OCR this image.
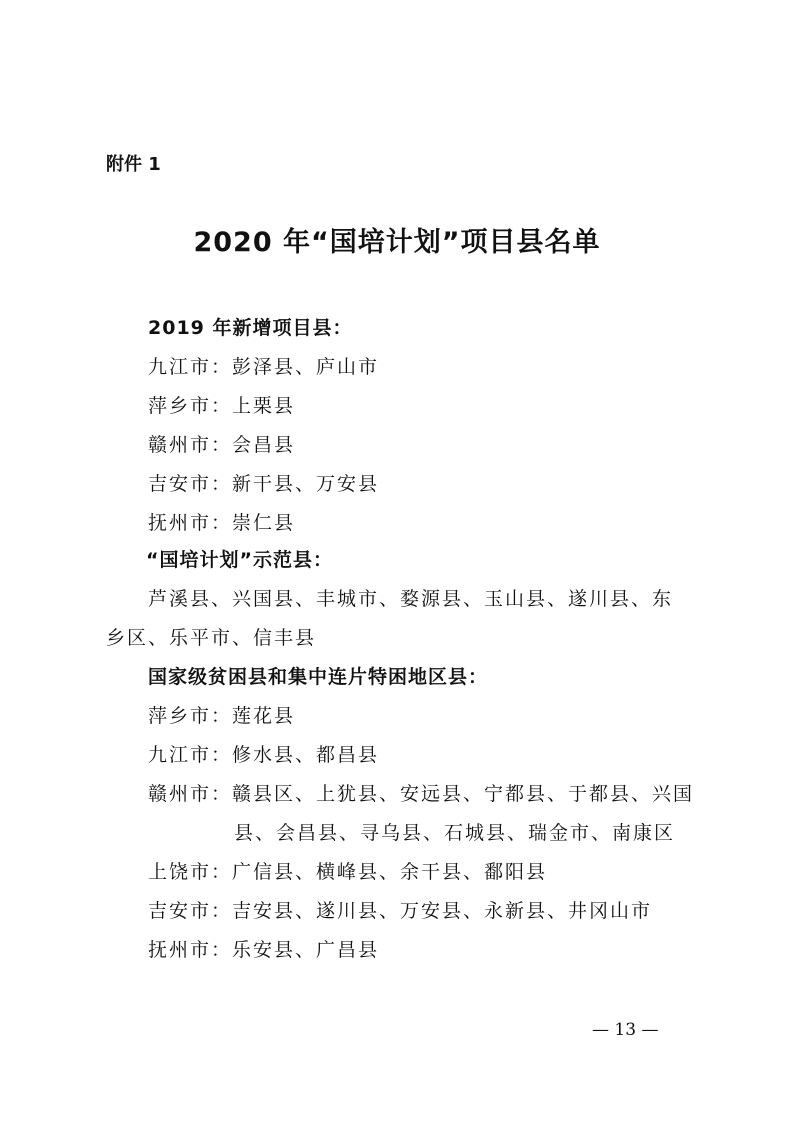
附件 1
2020 年“国培计划”项目县名单
2019 年新增项目县：
九江市：彭泽县、庐山市
萍乡市：上栗县
赣州市：会昌县
吉安市：新干县、万安县
抚州市：崇仁县
“国培计划”示范县：
芦溪县、兴国县、丰城市、婺源县、玉山县、遂川县、东
乡区、乐平市、信丰县
国家级贫困县和集中连片特困地区县：
萍乡市：莲花县
九江市：修水县、都昌县
赣州市：赣县区、上犹县、安远县、宁都县、于都县、兴国
县、会昌县、寻乌县、石城县、瑞金市、南康区
上饶市：广信县、横峰县、余干县、鄱阳县
吉安市：吉安县、遂川县、万安县、永新县、井冈山市
抚州市：乐安县、广昌县
— 13 —
